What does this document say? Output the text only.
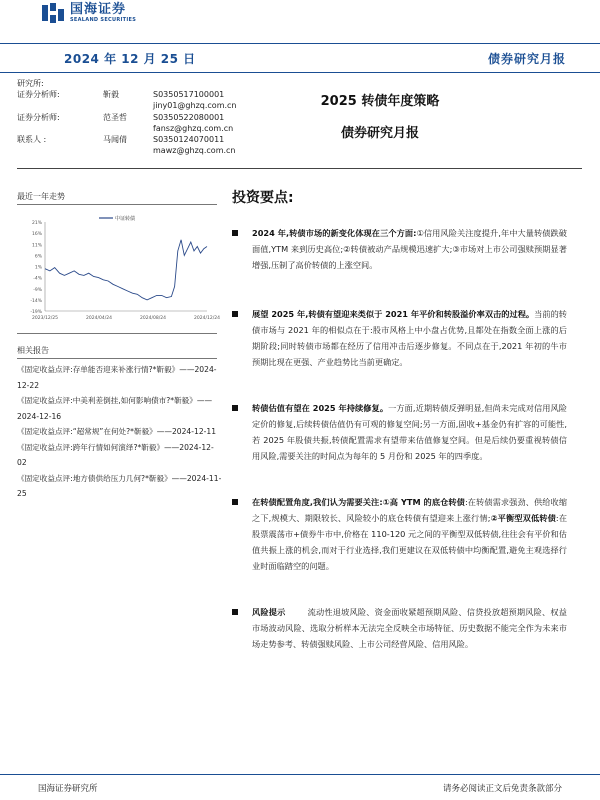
国海证券
SEALAND SECURITIES
2024 年 12 月 25 日	债券研究月报
研究所:
证券分析师:	靳毅	S0350517100001
jiny01@ghzq.com.cn
证券分析师:	范圣哲	S0350522080001
fansz@ghzq.com.cn
联系人 :	马闻倩	S0350124070011
mawz@ghzq.com.cn
2025 转债年度策略
债券研究月报
最近一年走势
21%
16%
11%
6%
1%
-4%
-9%
-14%
-19%
2023/12/25	2024/04/24	2024/08/24	2024/12/24
中证转债
相关报告
《固定收益点评:存单能否迎来补涨行情?*靳毅》——2024-12-22
《固定收益点评:中美利差倒挂,如何影响债市?*靳毅》——2024-12-16
《固定收益点评:“超常规”在何处?*靳毅》——2024-12-11
《固定收益点评:跨年行情如何演绎?*靳毅》——2024-12-02
《固定收益点评:地方债供给压力几何?*靳毅》——2024-11-25
投资要点:
2024 年,转债市场的新变化体现在三个方面:①信用风险关注度提升,年中大量转债跌破面值,YTM 来到历史高位;②转债被动产品规模迅速扩大;③市场对上市公司强赎预期显著增强,压制了高价转债的上涨空间。
展望 2025 年,转债有望迎来类似于 2021 年平价和转股溢价率双击的过程。当前的转债市场与 2021 年的相似点在于:股市风格上中小盘占优势,且都处在指数全面上涨的后期阶段;同时转债市场都在经历了信用冲击后逐步修复。不同点在于,2021 年初的牛市预期比现在更强、产业趋势比当前更确定。
转债估值有望在 2025 年持续修复。一方面,近期转债反弹明显,但尚未完成对信用风险定价的修复,后续转债估值仍有可观的修复空间;另一方面,固收+基金仍有扩容的可能性,若 2025 年股债共振,转债配置需求有望带来估值修复空间。但是后续仍要重视转债信用风险,需要关注的时间点为每年的 5 月份和 2025 年的四季度。
在转债配置角度,我们认为需要关注:①高 YTM 的底仓转债:在转债需求强劲、供给收缩之下,规模大、期限较长、风险较小的底仓转债有望迎来上涨行情;②平衡型双低转债:在股票震荡市+债券牛市中,价格在 110-120 元之间的平衡型双低转债,往往会有平价和估值共振上涨的机会,而对于行业选择,我们更建议在双低转债中均衡配置,避免主观选择行业时面临踏空的问题。
风险提示	流动性退坡风险、资金面收紧超预期风险、信贷投放超预期风险、权益市场波动风险、选取分析样本无法完全反映全市场特征、历史数据不能完全作为未来市场走势参考、转债强赎风险、上市公司经营风险、信用风险。
国海证券研究所	请务必阅读正文后免责条款部分
